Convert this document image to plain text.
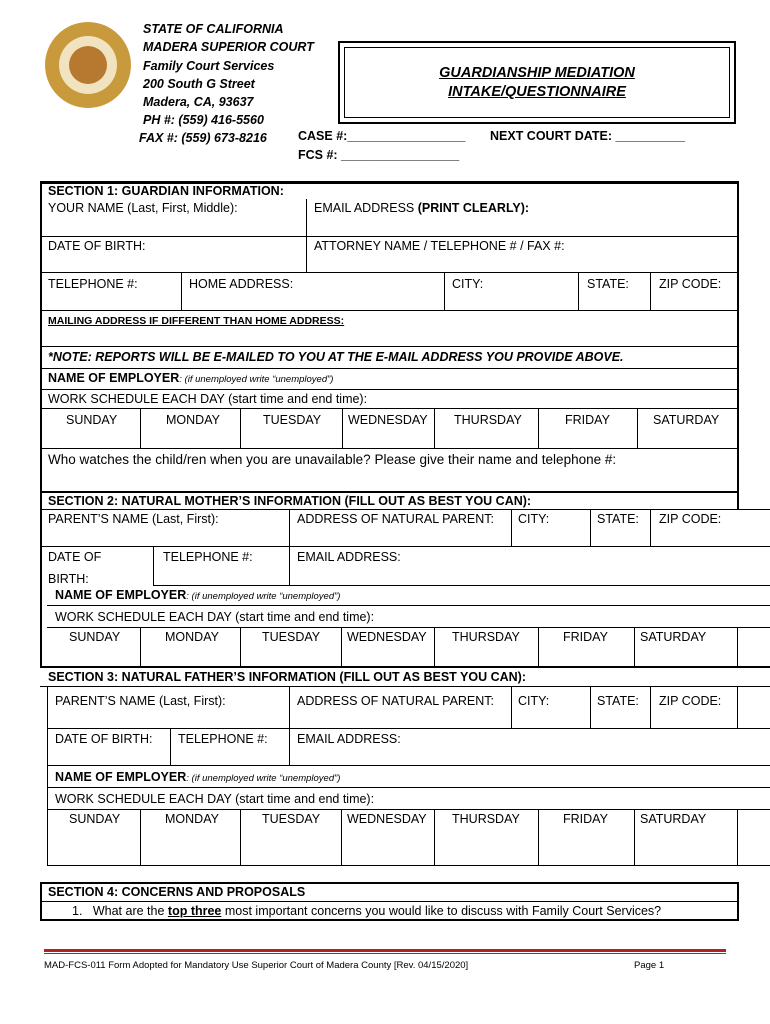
STATE OF CALIFORNIA
MADERA SUPERIOR COURT
Family Court Services
200 South G Street
Madera, CA, 93637
PH #: (559) 416-5560
FAX #: (559) 673-8216
GUARDIANSHIP MEDIATION
INTAKE/QUESTIONNAIRE
CASE #:_________________ NEXT COURT DATE: __________
FCS #: _________________
SECTION 1: GUARDIAN INFORMATION:
YOUR NAME (Last, First, Middle):	EMAIL ADDRESS (PRINT CLEARLY):
DATE OF BIRTH:	ATTORNEY NAME / TELEPHONE # / FAX #:
TELEPHONE #:	HOME ADDRESS:	CITY:	STATE: ZIP CODE:
MAILING ADDRESS IF DIFFERENT THAN HOME ADDRESS:
*NOTE: REPORTS WILL BE E-MAILED TO YOU AT THE E-MAIL ADDRESS YOU PROVIDE ABOVE.
NAME OF EMPLOYER: (if unemployed write “unemployed”)
WORK SCHEDULE EACH DAY (start time and end time):
SUNDAY	MONDAY	TUESDAY WEDNESDAY THURSDAY	FRIDAY	SATURDAY
Who watches the child/ren when you are unavailable? Please give their name and telephone #:
SECTION 2: NATURAL MOTHER’S INFORMATION (FILL OUT AS BEST YOU CAN):
PARENT’S NAME (Last, First):	ADDRESS OF NATURAL PARENT: CITY:	STATE: ZIP CODE:
DATE OF
BIRTH:
TELEPHONE #:	EMAIL ADDRESS:
NAME OF EMPLOYER: (if unemployed write “unemployed”)
WORK SCHEDULE EACH DAY (start time and end time):
SUNDAY	MONDAY	TUESDAY WEDNESDAY THURSDAY	FRIDAY	SATURDAY
SECTION 3: NATURAL FATHER’S INFORMATION (FILL OUT AS BEST YOU CAN):
PARENT’S NAME (Last, First):	ADDRESS OF NATURAL PARENT: CITY:	STATE: ZIP CODE:
DATE OF BIRTH: TELEPHONE #: EMAIL ADDRESS:
NAME OF EMPLOYER: (if unemployed write “unemployed”)
WORK SCHEDULE EACH DAY (start time and end time):
SUNDAY	MONDAY	TUESDAY WEDNESDAY THURSDAY	FRIDAY	SATURDAY
SECTION 4: CONCERNS AND PROPOSALS
1. What are the top three most important concerns you would like to discuss with Family Court Services?
MAD-FCS-011 Form Adopted for Mandatory Use Superior Court of Madera County [Rev. 04/15/2020]	Page 1
